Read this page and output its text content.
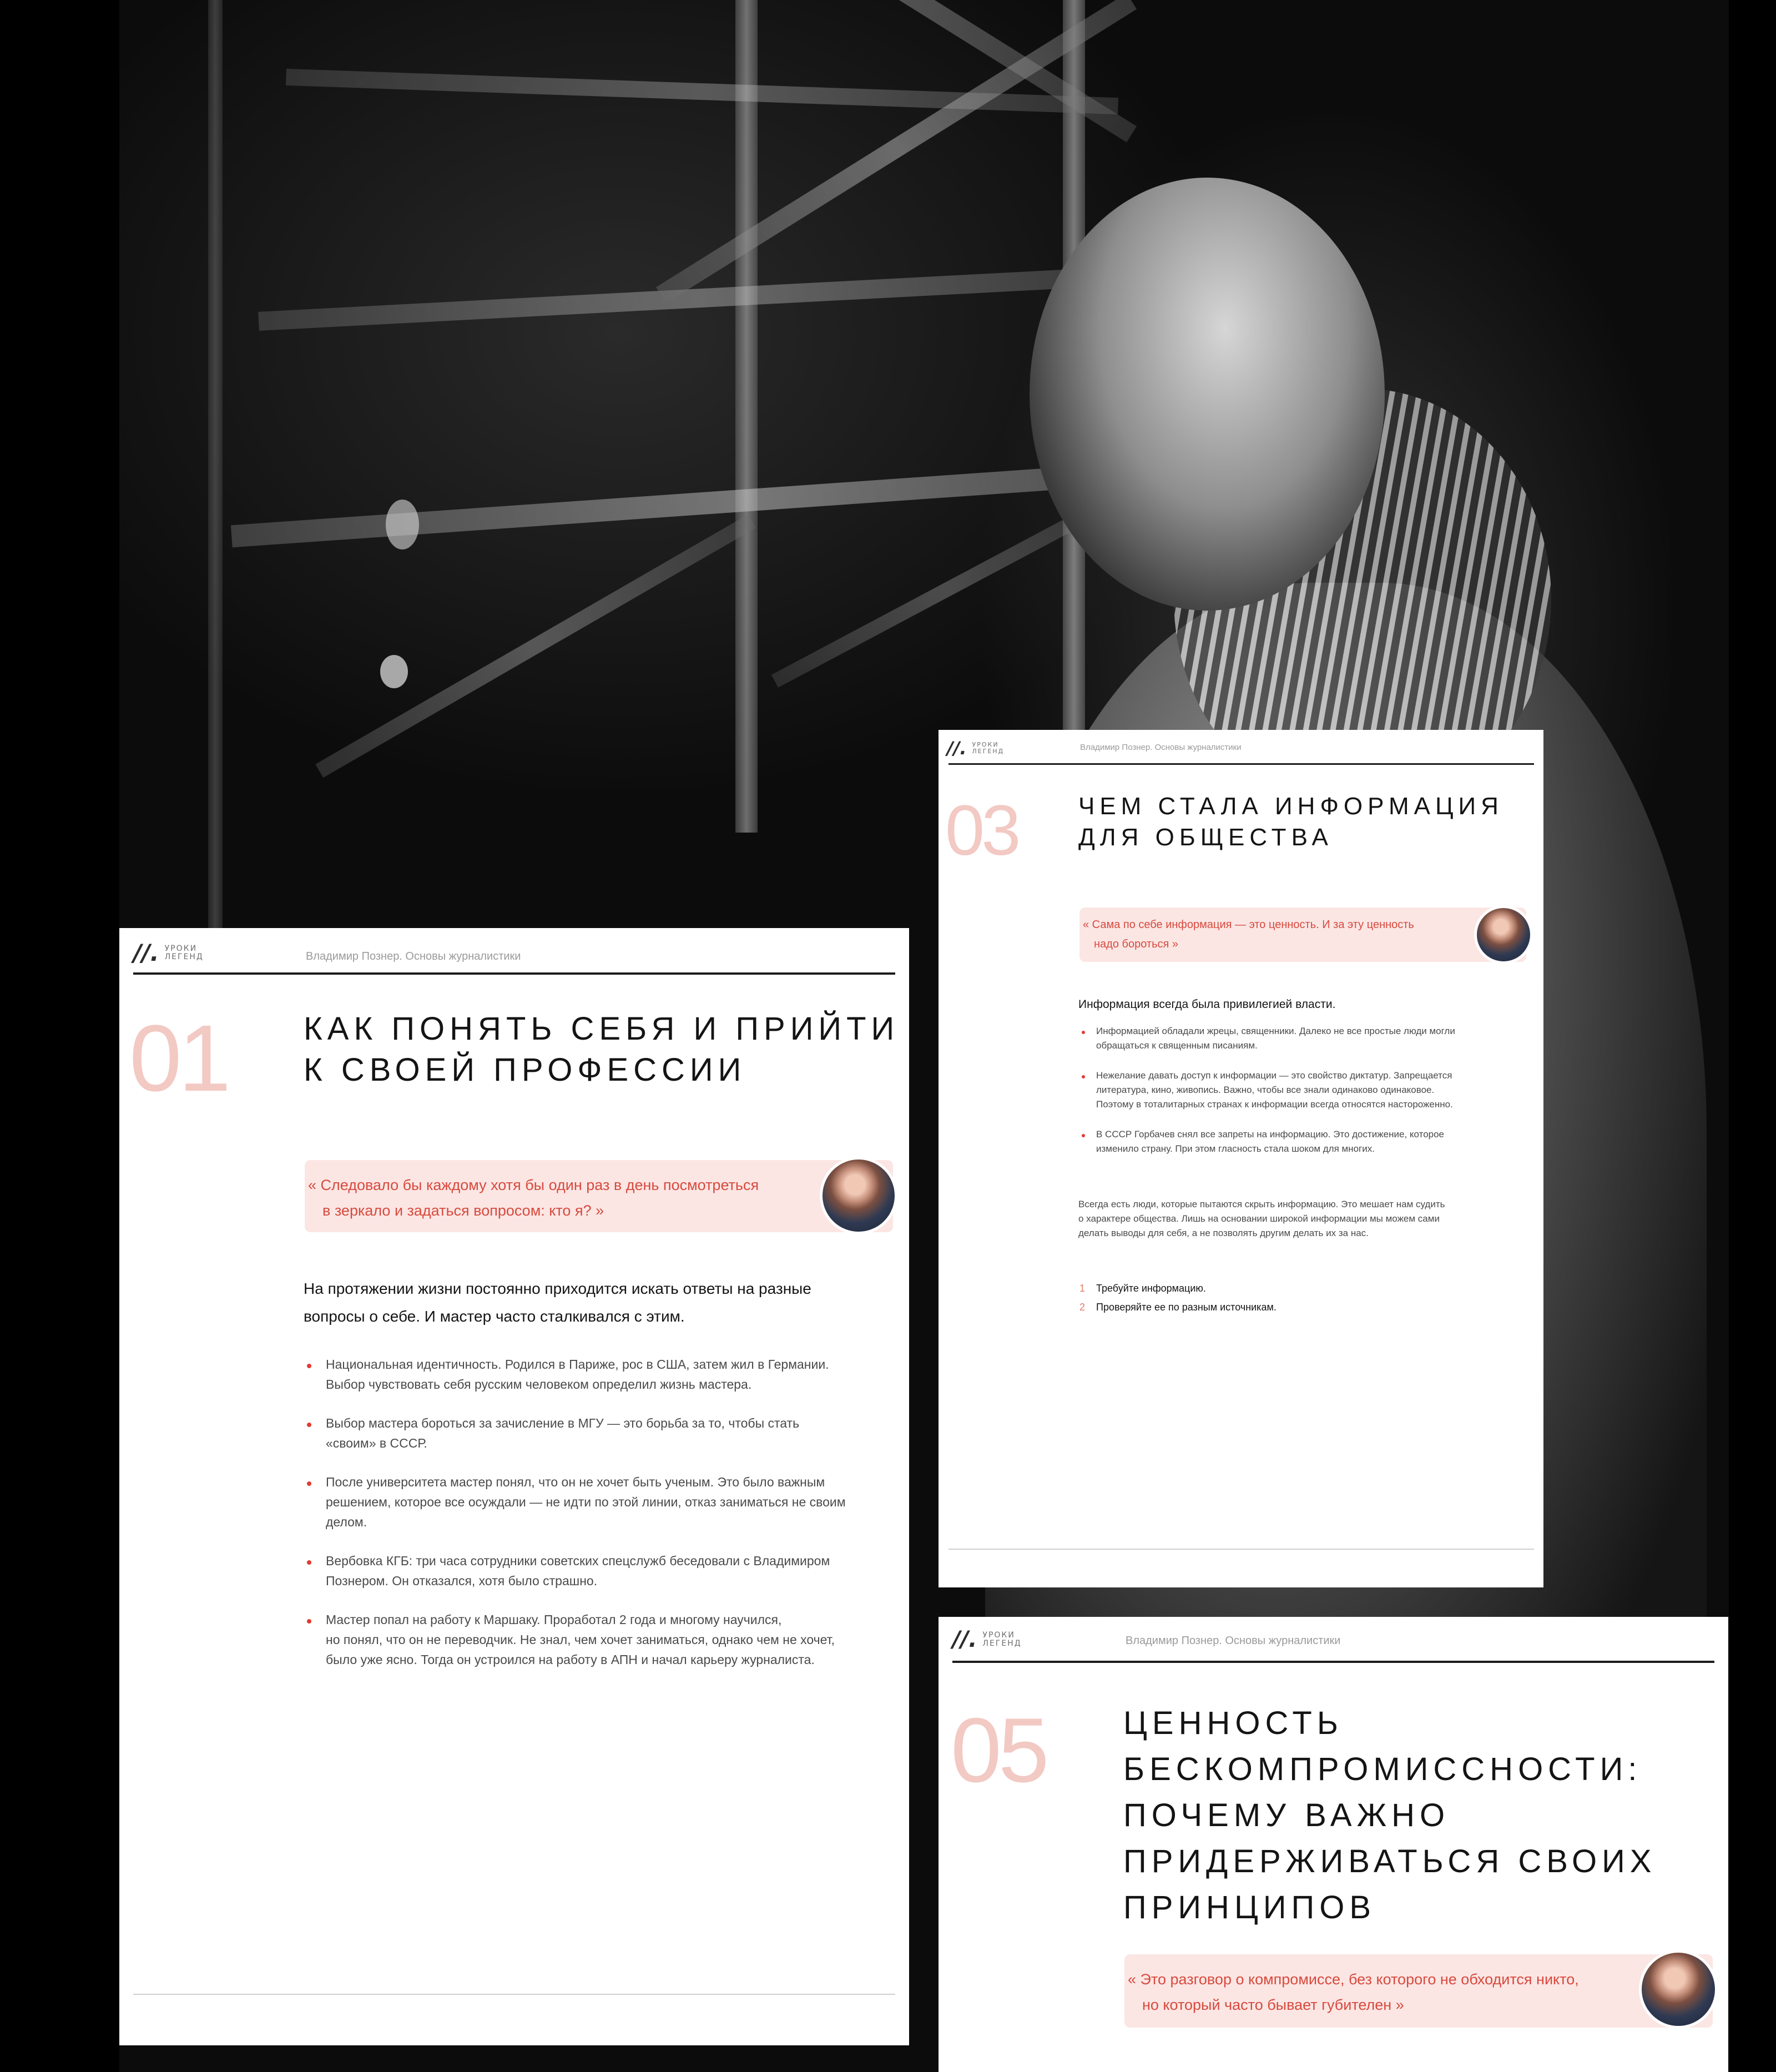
//. УРОКИ
ЛЕГЕНД	Владимир Познер. Основы журналистики
01 КАК ПОНЯТЬ СЕБЯ И ПРИЙТИ
К СВОЕЙ ПРОФЕССИИ
« Следовало бы каждому хотя бы один раз в день посмотреться
в зеркало и задаться вопросом: кто я? »
На протяжении жизни постоянно приходится искать ответы на разные
вопросы о себе. И мастер часто сталкивался с этим.
Национальная идентичность. Родился в Париже, рос в США, затем жил в Германии.
Выбор чувствовать себя русским человеком определил жизнь мастера.
Выбор мастера бороться за зачисление в МГУ — это борьба за то, чтобы стать
«своим» в СССР.
После университета мастер понял, что он не хочет быть ученым. Это было важным
решением, которое все осуждали — не идти по этой линии, отказ заниматься не своим
делом.
Вербовка КГБ: три часа сотрудники советских спецслужб беседовали с Владимиром
Познером. Он отказался, хотя было страшно.
Мастер попал на работу к Маршаку. Проработал 2 года и многому научился,
но понял, что он не переводчик. Не знал, чем хочет заниматься, однако чем не хочет,
было уже ясно. Тогда он устроился на работу в АПН и начал карьеру журналиста.
//. УРОКИ
ЛЕГЕНД	Владимир Познер. Основы журналистики
03 ЧЕМ СТАЛА ИНФОРМАЦИЯ
ДЛЯ ОБЩЕСТВА
« Сама по себе информация — это ценность. И за эту ценность
надо бороться »
Информация всегда была привилегией власти.
Информацией обладали жрецы, священники. Далеко не все простые люди могли
обращаться к священным писаниям.
Нежелание давать доступ к информации — это свойство диктатур. Запрещается
литература, кино, живопись. Важно, чтобы все знали одинаково одинаковое.
Поэтому в тоталитарных странах к информации всегда относятся настороженно.
В СССР Горбачев снял все запреты на информацию. Это достижение, которое
изменило страну. При этом гласность стала шоком для многих.
Всегда есть люди, которые пытаются скрыть информацию. Это мешает нам судить
о характере общества. Лишь на основании широкой информации мы можем сами
делать выводы для себя, а не позволять другим делать их за нас.
1	Требуйте информацию.
2	Проверяйте ее по разным источникам.
//. УРОКИ
ЛЕГЕНД	Владимир Познер. Основы журналистики
05 ЦЕННОСТЬ
БЕСКОМПРОМИССНОСТИ:
ПОЧЕМУ ВАЖНО
ПРИДЕРЖИВАТЬСЯ СВОИХ
ПРИНЦИПОВ
« Это разговор о компромиссе, без которого не обходится никто,
но который часто бывает губителен »
